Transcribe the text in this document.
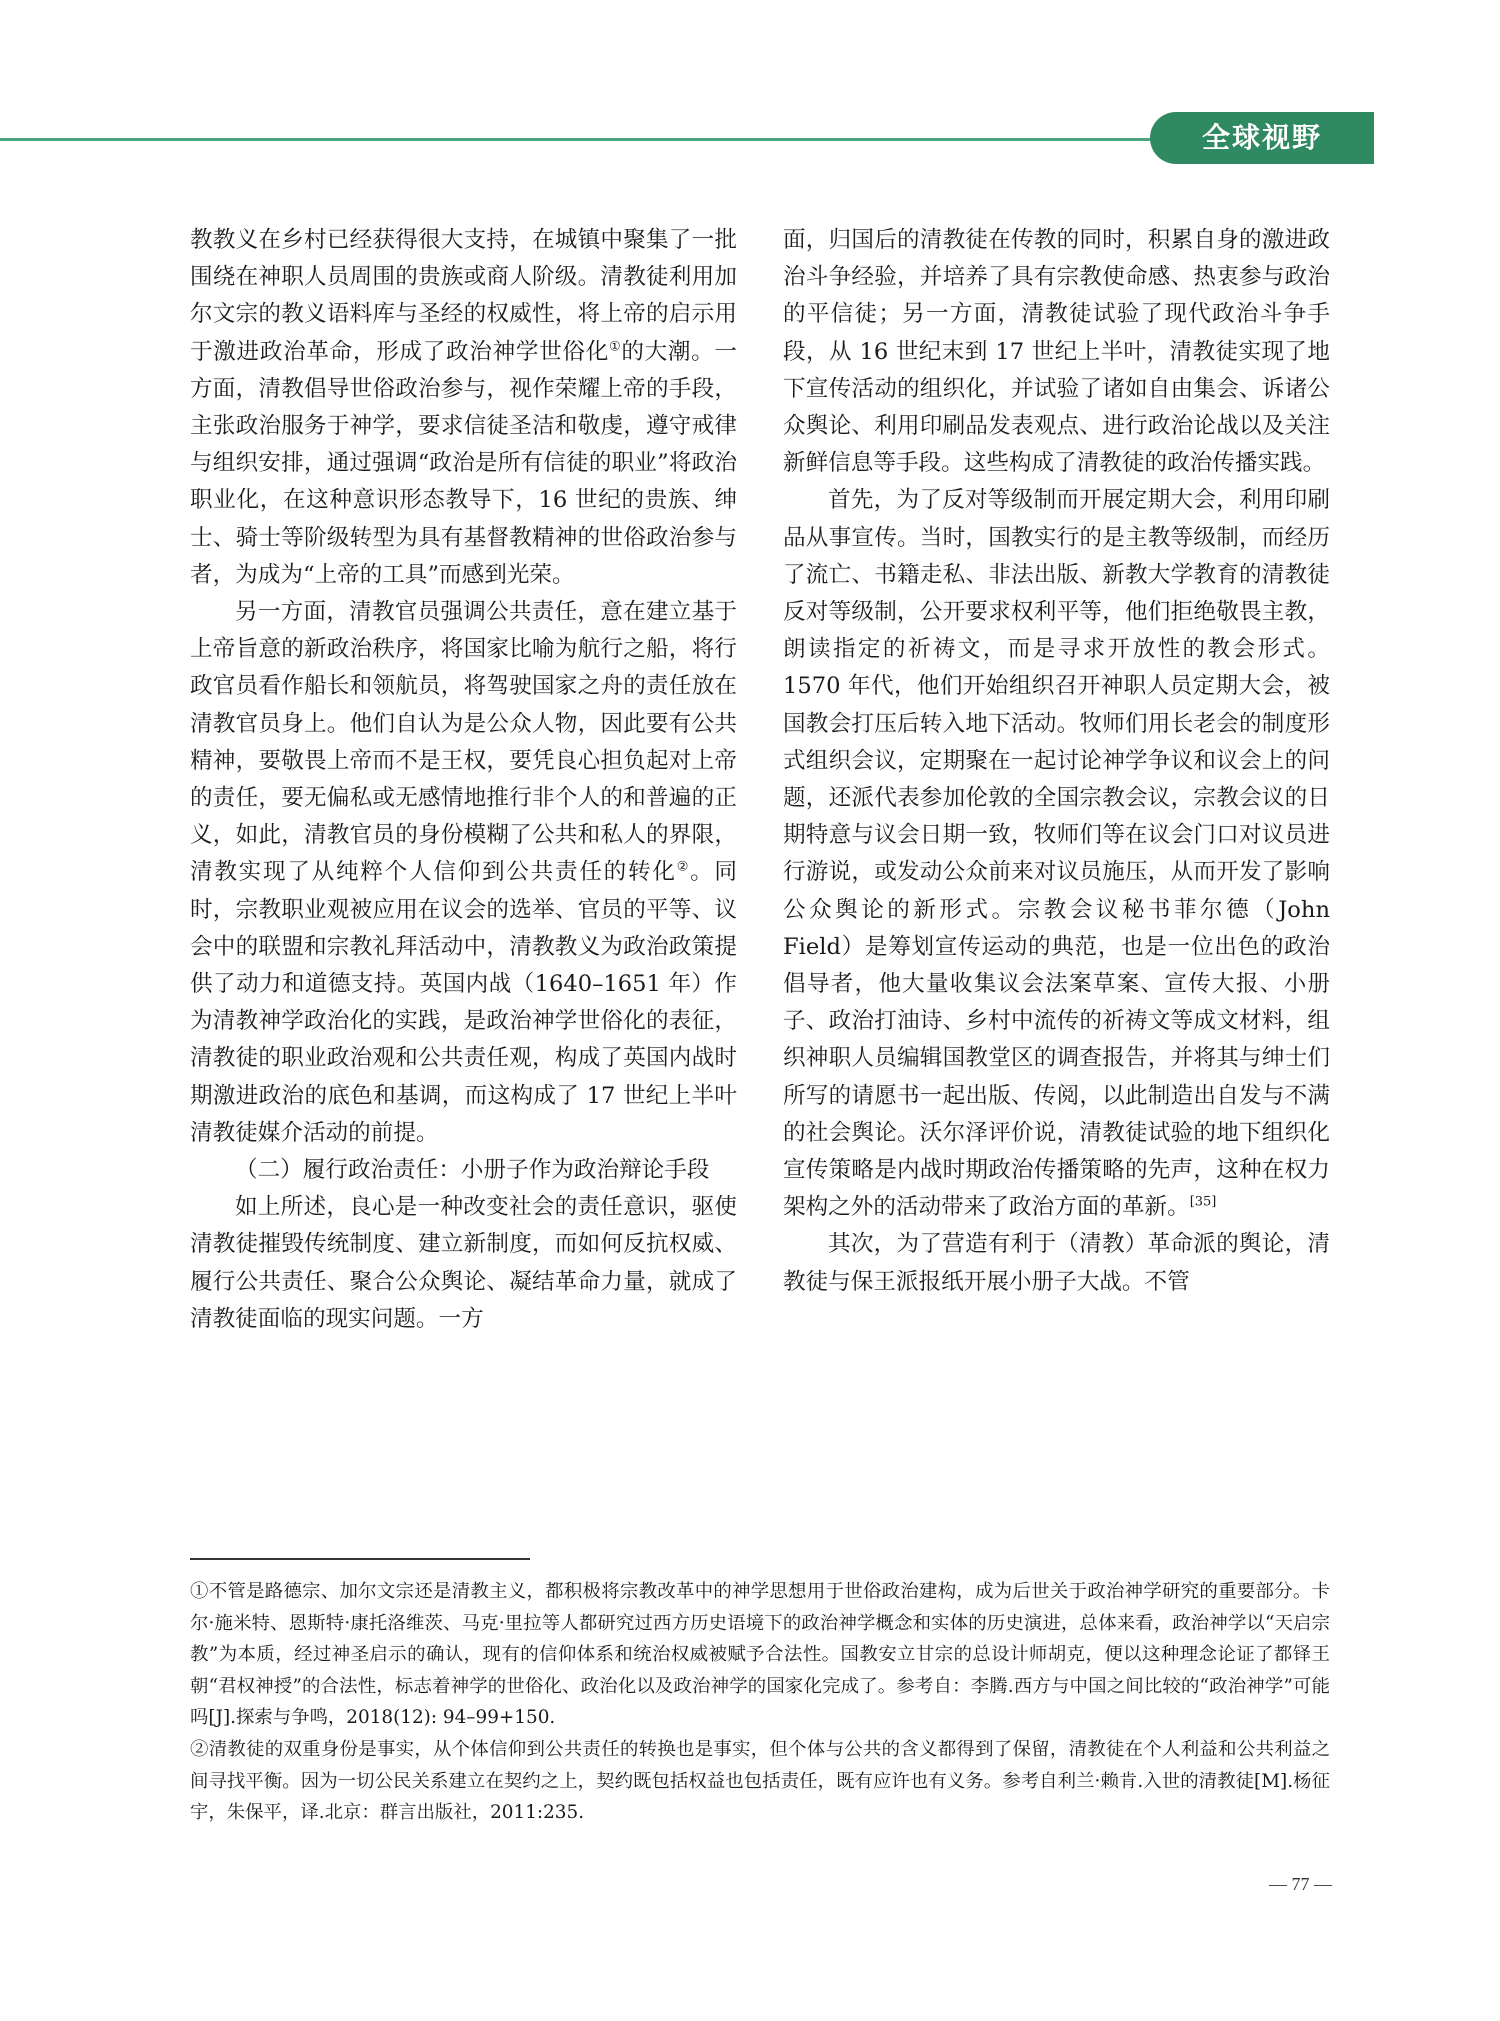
全球视野

教教义在乡村已经获得很大支持，在城镇中聚集了一批围绕在神职人员周围的贵族或商人阶级。清教徒利用加尔文宗的教义语料库与圣经的权威性，将上帝的启示用于激进政治革命，形成了政治神学世俗化①的大潮。一方面，清教倡导世俗政治参与，视作荣耀上帝的手段，主张政治服务于神学，要求信徒圣洁和敬虔，遵守戒律与组织安排，通过强调“政治是所有信徒的职业”将政治职业化，在这种意识形态教导下，16 世纪的贵族、绅士、骑士等阶级转型为具有基督教精神的世俗政治参与者，为成为“上帝的工具”而感到光荣。

另一方面，清教官员强调公共责任，意在建立基于上帝旨意的新政治秩序，将国家比喻为航行之船，将行政官员看作船长和领航员，将驾驶国家之舟的责任放在清教官员身上。他们自认为是公众人物，因此要有公共精神，要敬畏上帝而不是王权，要凭良心担负起对上帝的责任，要无偏私或无感情地推行非个人的和普遍的正义，如此，清教官员的身份模糊了公共和私人的界限，清教实现了从纯粹个人信仰到公共责任的转化②。同时，宗教职业观被应用在议会的选举、官员的平等、议会中的联盟和宗教礼拜活动中，清教教义为政治政策提供了动力和道德支持。英国内战（1640–1651 年）作为清教神学政治化的实践，是政治神学世俗化的表征，清教徒的职业政治观和公共责任观，构成了英国内战时期激进政治的底色和基调，而这构成了 17 世纪上半叶清教徒媒介活动的前提。

（二）履行政治责任：小册子作为政治辩论手段

如上所述，良心是一种改变社会的责任意识，驱使清教徒摧毁传统制度、建立新制度，而如何反抗权威、履行公共责任、聚合公众舆论、凝结革命力量，就成了清教徒面临的现实问题。一方

面，归国后的清教徒在传教的同时，积累自身的激进政治斗争经验，并培养了具有宗教使命感、热衷参与政治的平信徒；另一方面，清教徒试验了现代政治斗争手段，从 16 世纪末到 17 世纪上半叶，清教徒实现了地下宣传活动的组织化，并试验了诸如自由集会、诉诸公众舆论、利用印刷品发表观点、进行政治论战以及关注新鲜信息等手段。这些构成了清教徒的政治传播实践。

首先，为了反对等级制而开展定期大会，利用印刷品从事宣传。当时，国教实行的是主教等级制，而经历了流亡、书籍走私、非法出版、新教大学教育的清教徒反对等级制，公开要求权利平等，他们拒绝敬畏主教，朗读指定的祈祷文，而是寻求开放性的教会形式。1570 年代，他们开始组织召开神职人员定期大会，被国教会打压后转入地下活动。牧师们用长老会的制度形式组织会议，定期聚在一起讨论神学争议和议会上的问题，还派代表参加伦敦的全国宗教会议，宗教会议的日期特意与议会日期一致，牧师们等在议会门口对议员进行游说，或发动公众前来对议员施压，从而开发了影响公众舆论的新形式。宗教会议秘书菲尔德（John Field）是筹划宣传运动的典范，也是一位出色的政治倡导者，他大量收集议会法案草案、宣传大报、小册子、政治打油诗、乡村中流传的祈祷文等成文材料，组织神职人员编辑国教堂区的调查报告，并将其与绅士们所写的请愿书一起出版、传阅，以此制造出自发与不满的社会舆论。沃尔泽评价说，清教徒试验的地下组织化宣传策略是内战时期政治传播策略的先声，这种在权力架构之外的活动带来了政治方面的革新。[35]

其次，为了营造有利于（清教）革命派的舆论，清教徒与保王派报纸开展小册子大战。不管

①不管是路德宗、加尔文宗还是清教主义，都积极将宗教改革中的神学思想用于世俗政治建构，成为后世关于政治神学研究的重要部分。卡尔·施米特、恩斯特·康托洛维茨、马克·里拉等人都研究过西方历史语境下的政治神学概念和实体的历史演进，总体来看，政治神学以“天启宗教”为本质，经过神圣启示的确认，现有的信仰体系和统治权威被赋予合法性。国教安立甘宗的总设计师胡克，便以这种理念论证了都铎王朝“君权神授”的合法性，标志着神学的世俗化、政治化以及政治神学的国家化完成了。参考自：李腾.西方与中国之间比较的“政治神学”可能吗[J].探索与争鸣，2018(12): 94–99+150.

②清教徒的双重身份是事实，从个体信仰到公共责任的转换也是事实，但个体与公共的含义都得到了保留，清教徒在个人利益和公共利益之间寻找平衡。因为一切公民关系建立在契约之上，契约既包括权益也包括责任，既有应许也有义务。参考自利兰·赖肯.入世的清教徒[M].杨征宇，朱保平，译.北京：群言出版社，2011:235.

— 77 —
